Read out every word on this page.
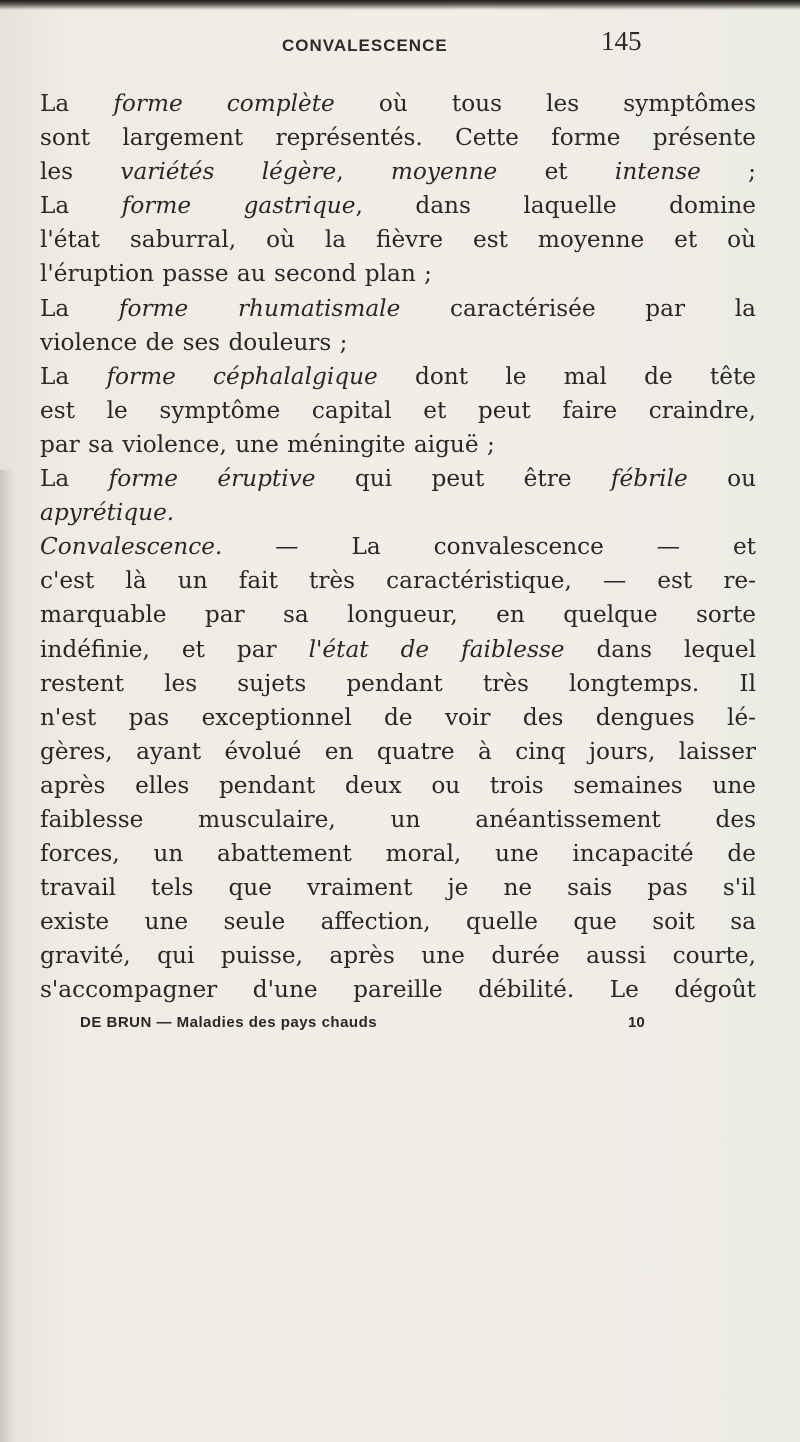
CONVALESCENCE	145
La forme complète où tous les symptômes
sont largement représentés. Cette forme présente
les variétés légère, moyenne et intense ;
La forme gastrique, dans laquelle domine
l'état saburral, où la fièvre est moyenne et où
l'éruption passe au second plan ;
La forme rhumatismale caractérisée par la
violence de ses douleurs ;
La forme céphalalgique dont le mal de tête
est le symptôme capital et peut faire craindre,
par sa violence, une méningite aiguë ;
La forme éruptive qui peut être fébrile ou
apyrétique.
Convalescence. — La convalescence — et
c'est là un fait très caractéristique, — est re-
marquable par sa longueur, en quelque sorte
indéfinie, et par l'état de faiblesse dans lequel
restent les sujets pendant très longtemps. Il
n'est pas exceptionnel de voir des dengues lé-
gères, ayant évolué en quatre à cinq jours, laisser
après elles pendant deux ou trois semaines une
faiblesse musculaire, un anéantissement des
forces, un abattement moral, une incapacité de
travail tels que vraiment je ne sais pas s'il
existe une seule affection, quelle que soit sa
gravité, qui puisse, après une durée aussi courte,
s'accompagner d'une pareille débilité. Le dégoût
DE BRUN — Maladies des pays chauds	10
